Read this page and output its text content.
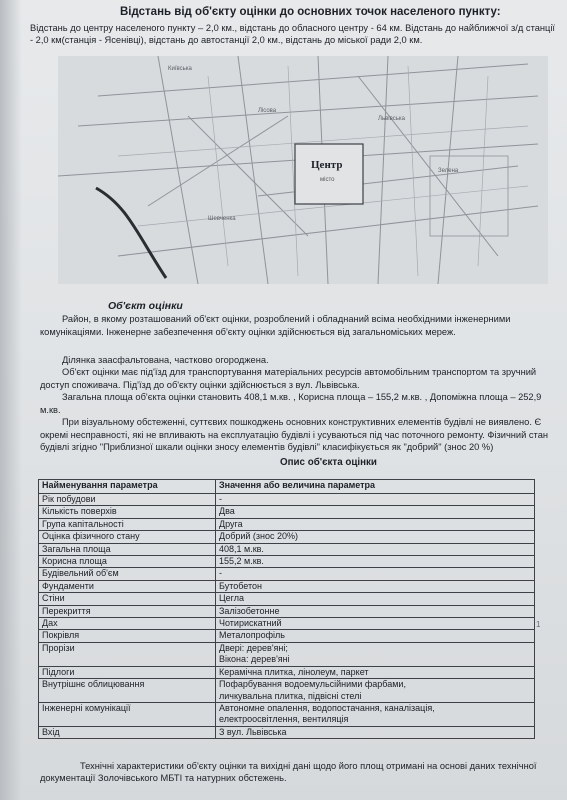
Відстань від об'єкту оцінки до основних точок населеного пункту:
Відстань до центру населеного пункту – 2,0 км., відстань до обласного центру - 64 км. Відстань до найближчої з/д станції - 2,0 км(станція - Ясенівці), відстань до автостанції 2,0 км., відстань до міської ради 2,0 км.
Центр
місто
Київська
Лісова
Шевченка
Львівська
Зелена
Об'єкт оцінки
Район, в якому розташований об'єкт оцінки, розроблений і обладнаний всіма необхідними інженерними комунікаціями. Інженерне забезпечення об'єкту оцінки здійснюється від загальноміських мереж.
Ділянка заасфальтована, частково огороджена.
Об'єкт оцінки має під'їзд для транспортування матеріальних ресурсів автомобільним транспортом та зручний доступ споживача. Під'їзд до об'єкту оцінки здійснюється з вул. Львівська.
Загальна площа об'єкта оцінки становить 408,1 м.кв. , Корисна площа – 155,2 м.кв. , Допоміжна площа – 252,9 м.кв.
При візуальному обстеженні, суттєвих пошкоджень основних конструктивних елементів будівлі не виявлено. Є окремі несправності, які не впливають на експлуатацію будівлі і усуваються під час поточного ремонту. Фізичний стан будівлі згідно "Приблизної шкали оцінки зносу елементів будівлі" класифікується як "добрий" (знос 20 %)
Опис об'єкта оцінки
Найменування параметра	Значення або величина параметра
Рік побудови	-
Кількість поверхів	Два
Група капітальності	Друга
Оцінка фізичного стану	Добрий (знос 20%)
Загальна площа	408,1 м.кв.
Корисна площа	155,2 м.кв.
Будівельний об'єм	-
Фундаменти	Бутобетон
Стіни	Цегла
Перекриття	Залізобетонне
Дах	Чотирискатний
Покрівля	Металопрофіль
Прорізи	Двері: дерев'яні;
Вікона: дерев'яні

Підлоги	Керамічна плитка, лінолеум, паркет
Внутрішнє облицювання	Пофарбування водоемульсійними фарбами,
личкувальна плитка, підвісні стелі

Інженерні комунікації	Автономне опалення, водопостачання, каналізація,
електроосвітлення, вентиляція

Вхід	З вул. Львівська
1
Технічні характеристики об'єкту оцінки та вихідні дані щодо його площ отримані на основі даних технічної документації Золочівського МБТІ та натурних обстежень.
